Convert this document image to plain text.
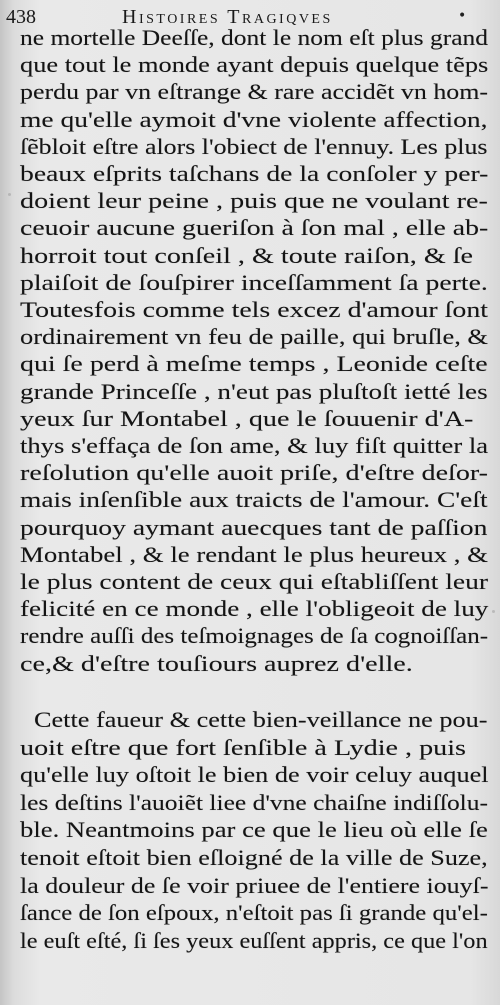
438	Histoires Tragiqves	•
ne mortelle Deeſſe, dont le nom eſt plus grand
que tout le monde ayant depuis quelque tẽps
perdu par vn eſtrange & rare accidẽt vn hom-
me qu'elle aymoit d'vne violente affection,
ſẽbloit eſtre alors l'obiect de l'ennuy. Les plus
beaux eſprits taſchans de la conſoler y per-
doient leur peine , puis que ne voulant re-
ceuoir aucune gueriſon à ſon mal , elle ab-
horroit tout conſeil , & toute raiſon, & ſe
plaiſoit de ſouſpirer inceſſamment ſa perte.
Toutesfois comme tels excez d'amour ſont
ordinairement vn feu de paille, qui bruſle, &
qui ſe perd à meſme temps , Leonide ceſte
grande Princeſſe , n'eut pas pluſtoſt ietté les
yeux ſur Montabel , que le ſouuenir d'A-
thys s'effaça de ſon ame, & luy fiſt quitter la
reſolution qu'elle auoit priſe, d'eſtre deſor-
mais inſenſible aux traicts de l'amour. C'eſt
pourquoy aymant auecques tant de paſſion
Montabel , & le rendant le plus heureux , &
le plus content de ceux qui eſtabliſſent leur
felicité en ce monde , elle l'obligeoit de luy
rendre auſſi des teſmoignages de ſa cognoiſſan-
ce,& d'eſtre touſiours auprez d'elle.
Cette faueur & cette bien-veillance ne pou-
uoit eſtre que fort ſenſible à Lydie , puis
qu'elle luy oſtoit le bien de voir celuy auquel
les deſtins l'auoiẽt liee d'vne chaiſne indiſſolu-
ble. Neantmoins par ce que le lieu où elle ſe
tenoit eſtoit bien eſloigné de la ville de Suze,
la douleur de ſe voir priuee de l'entiere iouyſ-
ſance de ſon eſpoux, n'eſtoit pas ſi grande qu'el-
le euſt eſté, ſi ſes yeux euſſent appris, ce que l'on
